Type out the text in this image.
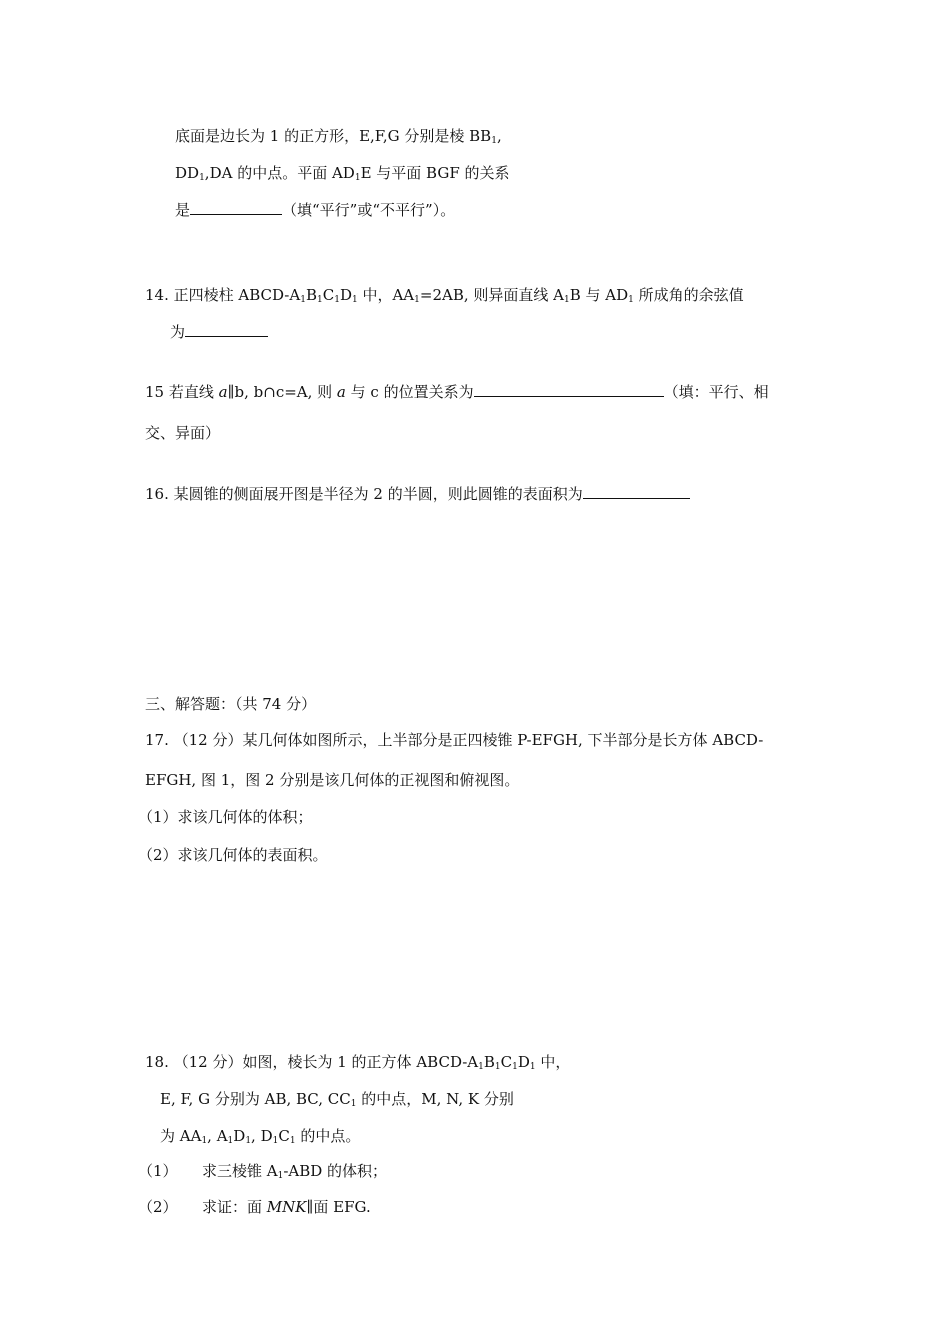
底面是边长为 1 的正方形，E,F,G 分别是棱 $BB_1$,
$DD_1,DA$ 的中点。平面 $AD_1E$ 与平面 BGF 的关系
是	（填“平行”或“不平行”）。
14. 正四棱柱 ABCD-$A_1B_1C_1D_1$ 中，$AA_1=2AB$, 则异面直线 $A_1B$ 与 $AD_1$ 所成角的余弦值
为
15 若直线 a∥b, b∩c=A, 则 a 与 c 的位置关系为	（填：平行、相
交、异面）
16. 某圆锥的侧面展开图是半径为 2 的半圆，则此圆锥的表面积为
三、解答题：（共 74 分）
17. （12 分）某几何体如图所示，上半部分是正四棱锥 P-EFGH, 下半部分是长方体 ABCD-
EFGH, 图 1，图 2 分别是该几何体的正视图和俯视图。
（1）求该几何体的体积；
（2）求该几何体的表面积。
18. （12 分）如图，棱长为 1 的正方体 ABCD-$A_1B_1C_1D_1$ 中，
E, F, G 分别为 AB, BC, $CC_1$ 的中点，M, N, K 分别
为 $AA_1$, $A_1D_1$, $D_1C_1$ 的中点。
（1） 求三棱锥 $A_1$-ABD 的体积；
（2） 求证：面 MNK∥面 EFG.
